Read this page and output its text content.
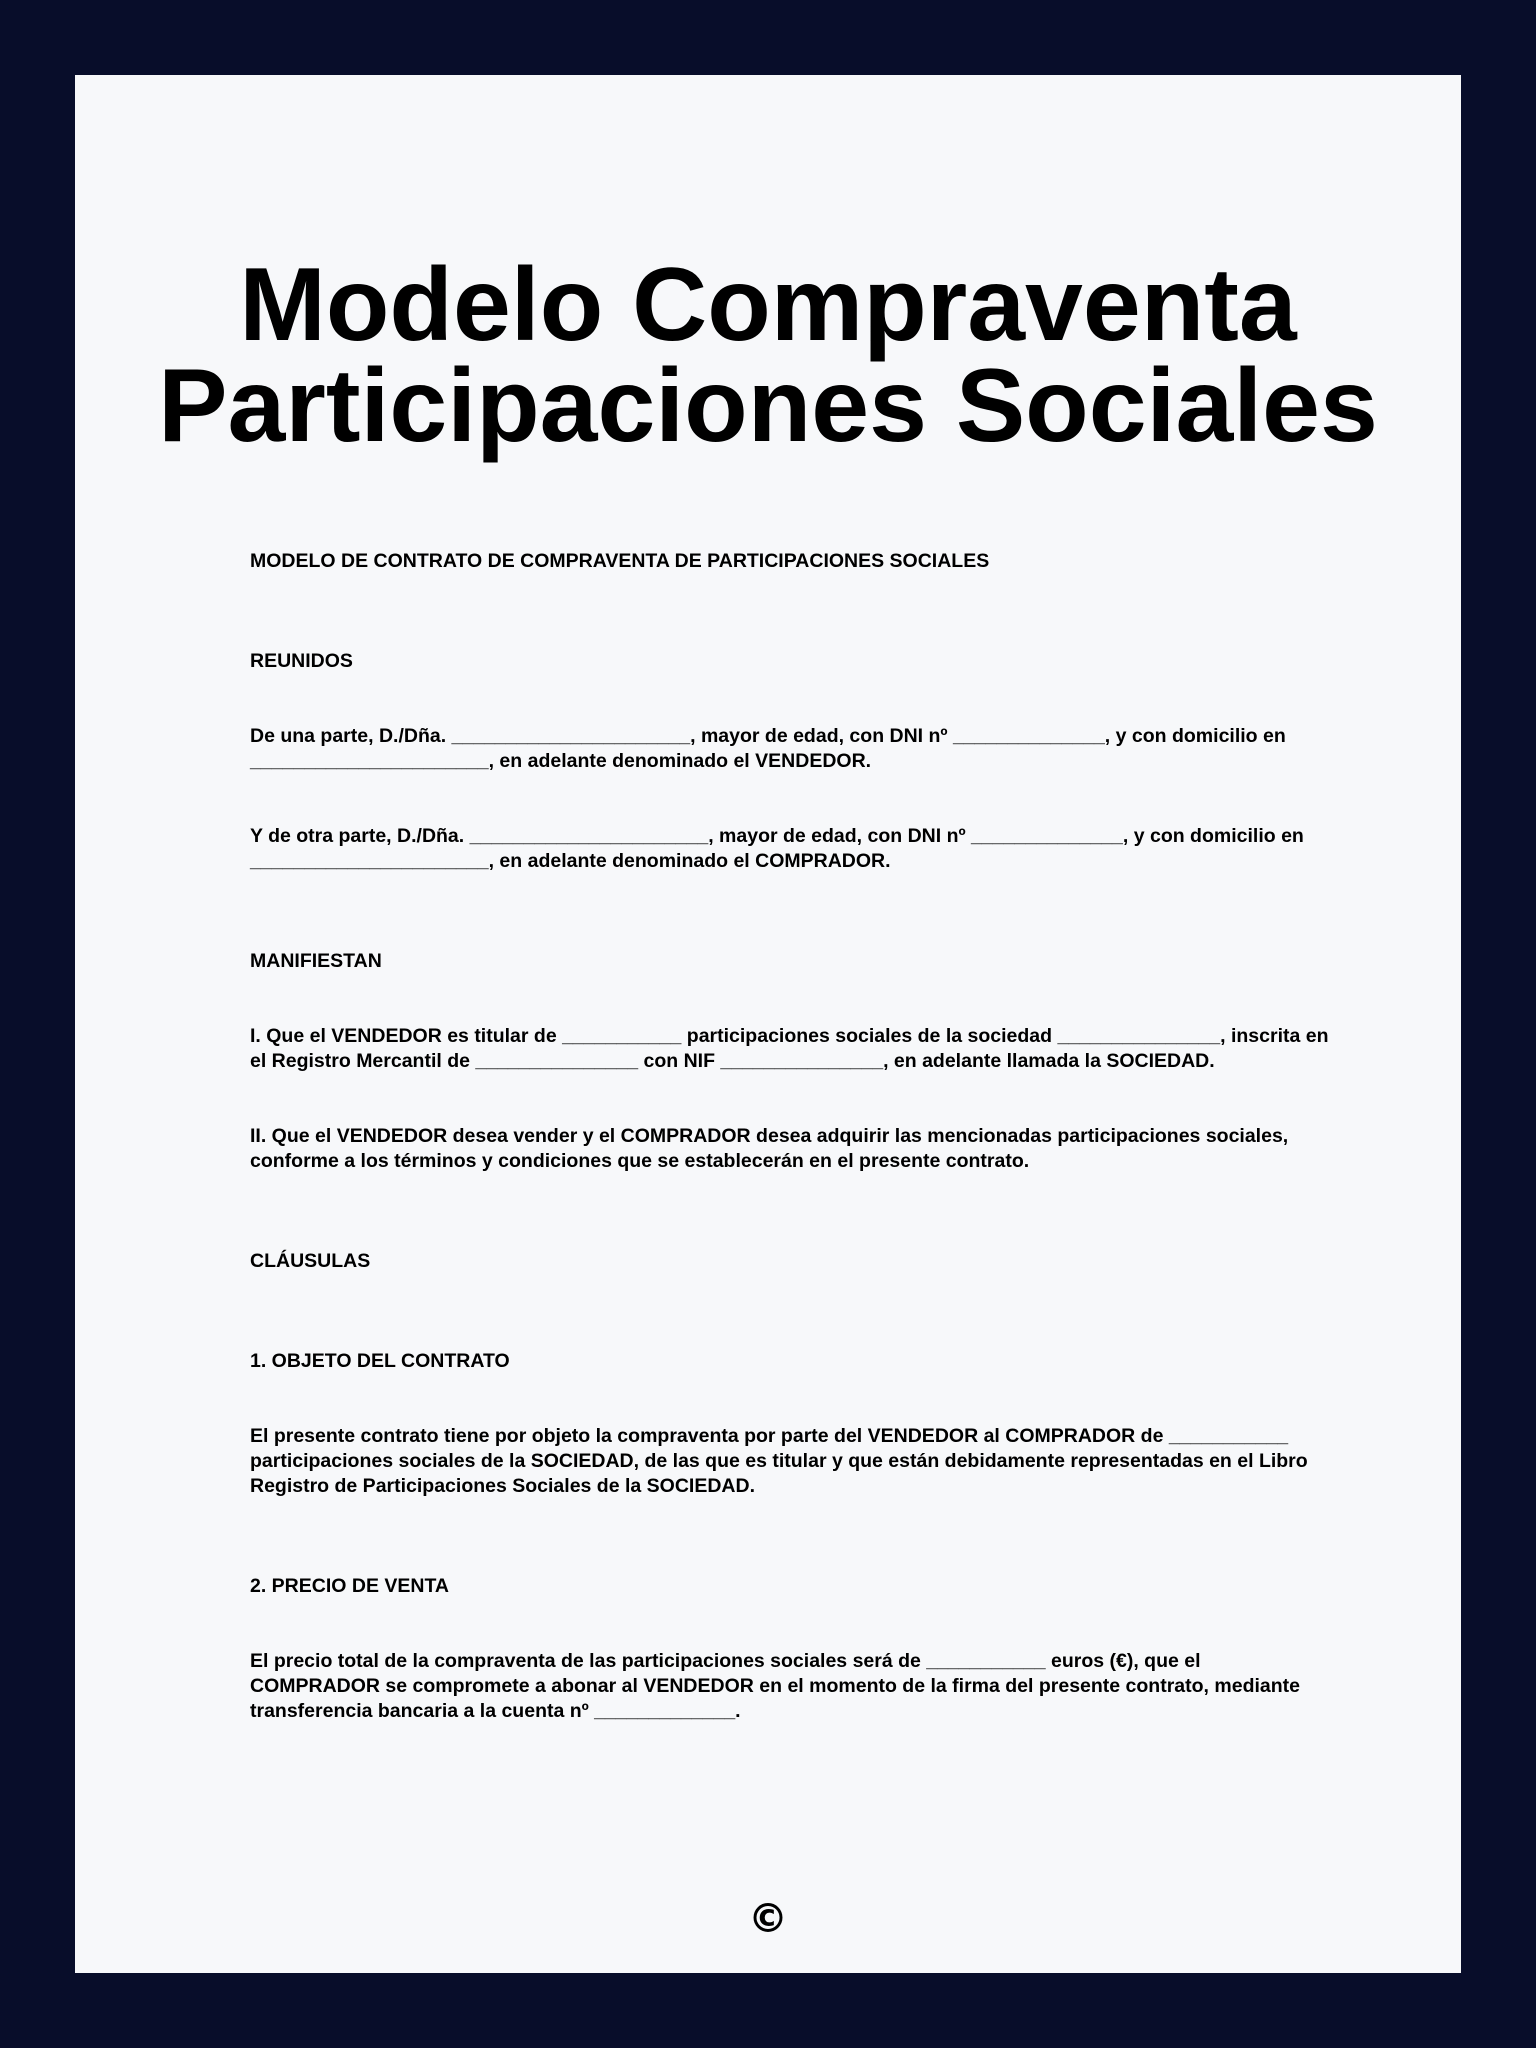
Modelo Compraventa
Participaciones Sociales

MODELO DE CONTRATO DE COMPRAVENTA DE PARTICIPACIONES SOCIALES

REUNIDOS

De una parte, D./Dña. ______________________, mayor de edad, con DNI nº ______________, y con domicilio en ______________________, en adelante denominado el VENDEDOR.

Y de otra parte, D./Dña. ______________________, mayor de edad, con DNI nº ______________, y con domicilio en ______________________, en adelante denominado el COMPRADOR.

MANIFIESTAN

I. Que el VENDEDOR es titular de ___________ participaciones sociales de la sociedad _______________, inscrita en el Registro Mercantil de _______________ con NIF _______________, en adelante llamada la SOCIEDAD.

II. Que el VENDEDOR desea vender y el COMPRADOR desea adquirir las mencionadas participaciones sociales, conforme a los términos y condiciones que se establecerán en el presente contrato.

CLÁUSULAS

1. OBJETO DEL CONTRATO

El presente contrato tiene por objeto la compraventa por parte del VENDEDOR al COMPRADOR de ___________ participaciones sociales de la SOCIEDAD, de las que es titular y que están debidamente representadas en el Libro Registro de Participaciones Sociales de la SOCIEDAD.

2. PRECIO DE VENTA

El precio total de la compraventa de las participaciones sociales será de ___________ euros (€), que el COMPRADOR se compromete a abonar al VENDEDOR en el momento de la firma del presente contrato, mediante transferencia bancaria a la cuenta nº _____________.

©
